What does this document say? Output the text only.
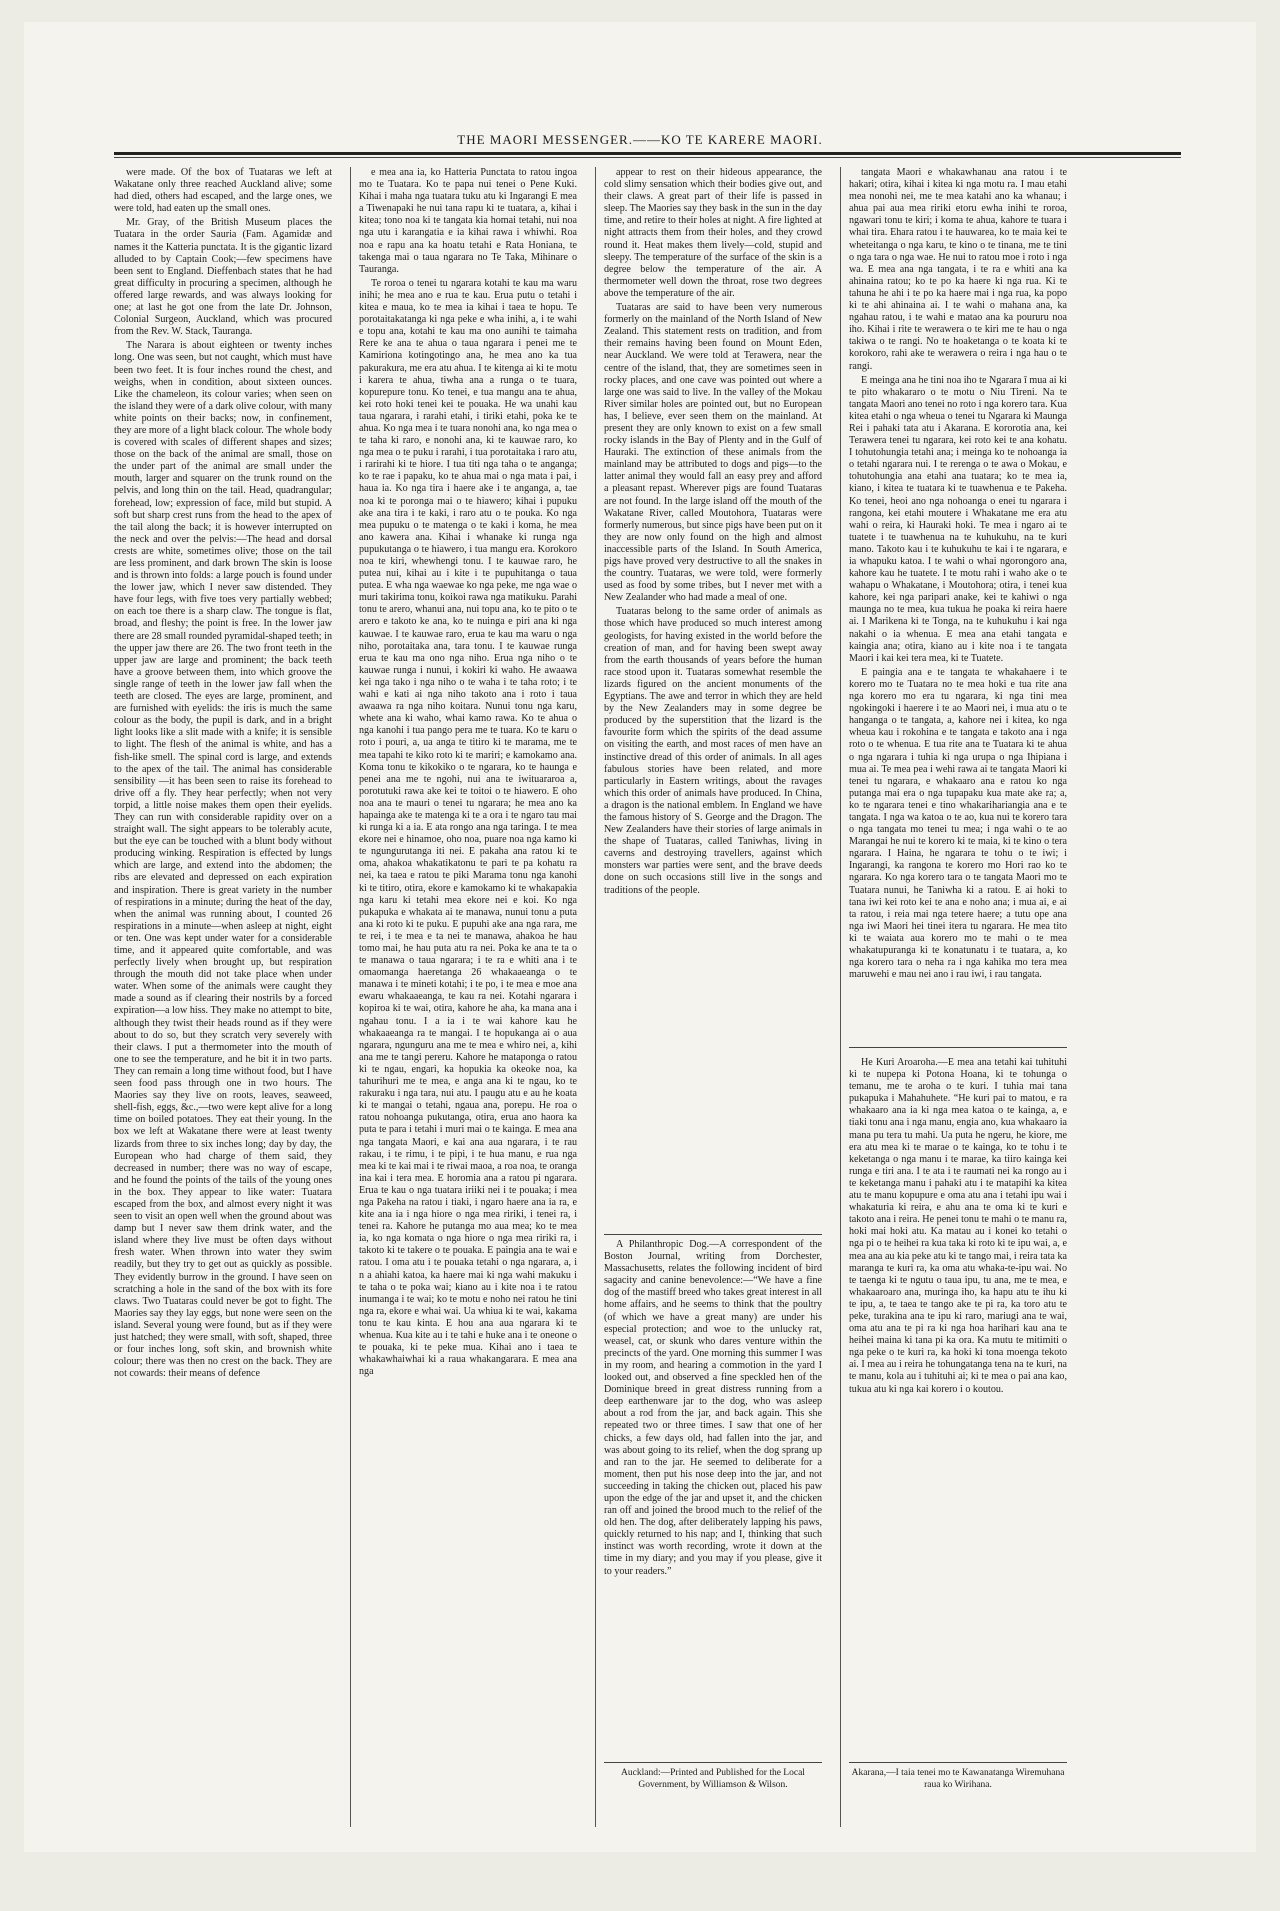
THE MAORI MESSENGER.——KO TE KARERE MAORI.

were made. Of the box of Tuataras we left at Wakatane only three reached Auckland alive; some had died, others had escaped, and the large ones, we were told, had eaten up the small ones.

Mr. Gray, of the British Museum places the Tuatara in the order Sauria (Fam. Agamidæ and names it the Katteria punctata. It is the gigantic lizard alluded to by Captain Cook;—few specimens have been sent to England. Dieffenbach states that he had great difficulty in procuring a specimen, although he offered large rewards, and was always looking for one; at last he got one from the late Dr. Johnson, Colonial Surgeon, Auckland, which was procured from the Rev. W. Stack, Tauranga.

The Narara is about eighteen or twenty inches long. One was seen, but not caught, which must have been two feet. It is four inches round the chest, and weighs, when in condition, about sixteen ounces. Like the chameleon, its colour varies; when seen on the island they were of a dark olive colour, with many white points on their backs; now, in confinement, they are more of a light black colour. The whole body is covered with scales of different shapes and sizes; those on the back of the animal are small, those on the under part of the animal are small under the mouth, larger and squarer on the trunk round on the pelvis, and long thin on the tail. Head, quadrangular; forehead, low; expression of face, mild but stupid. A soft but sharp crest runs from the head to the apex of the tail along the back; it is however interrupted on the neck and over the pelvis:—The head and dorsal crests are white, sometimes olive; those on the tail are less prominent, and dark brown The skin is loose and is thrown into folds: a large pouch is found under the lower jaw, which I never saw distended. They have four legs, with five toes very partially webbed; on each toe there is a sharp claw. The tongue is flat, broad, and fleshy; the point is free. In the lower jaw there are 28 small rounded pyramidal-shaped teeth; in the upper jaw there are 26. The two front teeth in the upper jaw are large and prominent; the back teeth have a groove between them, into which groove the single range of teeth in the lower jaw fall when the teeth are closed. The eyes are large, prominent, and are furnished with eyelids: the iris is much the same colour as the body, the pupil is dark, and in a bright light looks like a slit made with a knife; it is sensible to light. The flesh of the animal is white, and has a fish-like smell. The spinal cord is large, and extends to the apex of the tail. The animal has considerable sensibility —it has been seen to raise its forehead to drive off a fly. They hear perfectly; when not very torpid, a little noise makes them open their eyelids. They can run with considerable rapidity over on a straight wall. The sight appears to be tolerably acute, but the eye can be touched with a blunt body without producing winking. Respiration is effected by lungs which are large, and extend into the abdomen; the ribs are elevated and depressed on each expiration and inspiration. There is great variety in the number of respirations in a minute; during the heat of the day, when the animal was running about, I counted 26 respirations in a minute—when asleep at night, eight or ten. One was kept under water for a considerable time, and it appeared quite comfortable, and was perfectly lively when brought up, but respiration through the mouth did not take place when under water. When some of the animals were caught they made a sound as if clearing their nostrils by a forced expiration—a low hiss. They make no attempt to bite, although they twist their heads round as if they were about to do so, but they scratch very severely with their claws. I put a thermometer into the mouth of one to see the temperature, and he bit it in two parts. They can remain a long time without food, but I have seen food pass through one in two hours. The Maories say they live on roots, leaves, seaweed, shell-fish, eggs, &c.,—two were kept alive for a long time on boiled potatoes. They eat their young. In the box we left at Wakatane there were at least twenty lizards from three to six inches long; day by day, the European who had charge of them said, they decreased in number; there was no way of escape, and he found the points of the tails of the young ones in the box. They appear to like water: Tuatara escaped from the box, and almost every night it was seen to visit an open well when the ground about was damp but I never saw them drink water, and the island where they live must be often days without fresh water. When thrown into water they swim readily, but they try to get out as quickly as possible. They evidently burrow in the ground. I have seen on scratching a hole in the sand of the box with its fore claws. Two Tuataras could never be got to fight. The Maories say they lay eggs, but none were seen on the island. Several young were found, but as if they were just hatched; they were small, with soft, shaped, three or four inches long, soft skin, and brownish white colour; there was then no crest on the back. They are not cowards: their means of defence

e mea ana ia, ko Hatteria Punctata to ratou ingoa mo te Tuatara. Ko te papa nui tenei o Pene Kuki. Kihai i maha nga tuatara tuku atu ki Ingarangi E mea a Tiwenapaki he nui tana rapu ki te tuatara, a, kihai i kitea; tono noa ki te tangata kia homai tetahi, nui noa nga utu i karangatia e ia kihai rawa i whiwhi. Roa noa e rapu ana ka hoatu tetahi e Rata Honiana, te takenga mai o taua ngarara no Te Taka, Mihinare o Tauranga.

Te roroa o tenei tu ngarara kotahi te kau ma waru inihi; he mea ano e rua te kau. Erua putu o tetahi i kitea e maua, ko te mea ia kihai i taea te hopu. Te porotaitakatanga ki nga peke e wha inihi, a, i te wahi e topu ana, kotahi te kau ma ono aunihi te taimaha Rere ke ana te ahua o taua ngarara i penei me te Kamiriona kotingotingo ana, he mea ano ka tua pakurakura, me era atu ahua. I te kitenga ai ki te motu i karera te ahua, tiwha ana a runga o te tuara, kopurepure tonu. Ko tenei, e tua mangu ana te ahua, kei roto hoki tenei kei te pouaka. He wa unahi kau taua ngarara, i rarahi etahi, i tiriki etahi, poka ke te ahua. Ko nga mea i te tuara nonohi ana, ko nga mea o te taha ki raro, e nonohi ana, ki te kauwae raro, ko nga mea o te puku i rarahi, i tua porotaitaka i raro atu, i rarirahi ki te hiore. I tua titi nga taha o te anganga; ko te rae i papaku, ko te ahua mai o nga mata i pai, i haua ia. Ko nga tira i haere ake i te anganga, a, tae noa ki te poronga mai o te hiawero; kihai i pupuku ake ana tira i te kaki, i raro atu o te pouka. Ko nga mea pupuku o te matenga o te kaki i koma, he mea ano kawera ana. Kihai i whanake ki runga nga pupukutanga o te hiawero, i tua mangu era. Korokoro noa te kiri, whewhengi tonu. I te kauwae raro, he putea nui, kihai au i kite i te pupuhitanga o taua putea. E wha nga waewae ko nga peke, me nga wae o muri takirima tonu, koikoi rawa nga matikuku. Parahi tonu te arero, whanui ana, nui topu ana, ko te pito o te arero e takoto ke ana, ko te nuinga e piri ana ki nga kauwae. I te kauwae raro, erua te kau ma waru o nga niho, porotaitaka ana, tara tonu. I te kauwae runga erua te kau ma ono nga niho. Erua nga niho o te kauwae runga i nunui, i kokiri ki waho. He awaawa kei nga tako i nga niho o te waha i te taha roto; i te wahi e kati ai nga niho takoto ana i roto i taua awaawa ra nga niho koitara. Nunui tonu nga karu, whete ana ki waho, whai kamo rawa. Ko te ahua o nga kanohi i tua pango pera me te tuara. Ko te karu o roto i pouri, a, ua anga te titiro ki te marama, me te mea tapahi te kiko roto ki te mariri; e kamokamo ana. Koma tonu te kikokiko o te ngarara, ko te haunga e penei ana me te ngohi, nui ana te iwituararoa a, porotutuki rawa ake kei te toitoi o te hiawero. E oho noa ana te mauri o tenei tu ngarara; he mea ano ka hapainga ake te matenga ki te a ora i te ngaro tau mai ki runga ki a ia. E ata rongo ana nga taringa. I te mea ekore nei e hinamoe, oho noa, puare noa nga kamo ki te ngungurutanga iti nei. E pakaha ana ratou ki te oma, ahakoa whakatikatonu te pari te pa kohatu ra nei, ka taea e ratou te piki Marama tonu nga kanohi ki te titiro, otira, ekore e kamokamo ki te whakapakia nga karu ki tetahi mea ekore nei e koi. Ko nga pukapuka e whakata ai te manawa, nunui tonu a puta ana ki roto ki te puku. E pupuhi ake ana nga rara, me te rei, i te mea e ta nei te manawa, ahakoa he hau tomo mai, he hau puta atu ra nei. Poka ke ana te ta o te manawa o taua ngarara; i te ra e whiti ana i te omaomanga haeretanga 26 whakaaeanga o te manawa i te mineti kotahi; i te po, i te mea e moe ana ewaru whakaaeanga, te kau ra nei. Kotahi ngarara i kopiroa ki te wai, otira, kahore he aha, ka mana ana i ngahau tonu. I a ia i te wai kahore kau he whakaaeanga ra te mangai. I te hopukanga ai o aua ngarara, ngunguru ana me te mea e whiro nei, a, kihi ana me te tangi pereru. Kahore he mataponga o ratou ki te ngau, engari, ka hopukia ka okeoke noa, ka tahurihuri me te mea, e anga ana ki te ngau, ko te rakuraku i nga tara, nui atu. I paugu atu e au he koata ki te mangai o tetahi, ngaua ana, porepu. He roa o ratou nohoanga pukutanga, otira, erua ano haora ka puta te para i tetahi i muri mai o te kainga. E mea ana nga tangata Maori, e kai ana aua ngarara, i te rau rakau, i te rimu, i te pipi, i te hua manu, e rua nga mea ki te kai mai i te riwai maoa, a roa noa, te oranga ina kai i tera mea. E horomia ana a ratou pi ngarara. Erua te kau o nga tuatara iriiki nei i te pouaka; i mea nga Pakeha na ratou i tiaki, i ngaro haere ana ia ra, e kite ana ia i nga hiore o nga mea ririki, i tenei ra, i tenei ra. Kahore he putanga mo aua mea; ko te mea ia, ko nga komata o nga hiore o nga mea ririki ra, i takoto ki te takere o te pouaka. E paingia ana te wai e ratou. I oma atu i te pouaka tetahi o nga ngarara, a, i n a ahiahi katoa, ka haere mai ki nga wahi makuku i te taha o te poka wai; kiano au i kite noa i te ratou inumanga i te wai; ko te motu e noho nei ratou he tini nga ra, ekore e whai wai. Ua whiua ki te wai, kakama tonu te kau kinta. E hou ana aua ngarara ki te whenua. Kua kite au i te tahi e huke ana i te oneone o te pouaka, ki te peke mua. Kihai ano i taea te whakawhaiwhai ki a raua whakangarara. E mea ana nga

appear to rest on their hideous appearance, the cold slimy sensation which their bodies give out, and their claws. A great part of their life is passed in sleep. The Maories say they bask in the sun in the day time, and retire to their holes at night. A fire lighted at night attracts them from their holes, and they crowd round it. Heat makes them lively—cold, stupid and sleepy. The temperature of the surface of the skin is a degree below the temperature of the air. A thermometer well down the throat, rose two degrees above the temperature of the air.

Tuataras are said to have been very numerous formerly on the mainland of the North Island of New Zealand. This statement rests on tradition, and from their remains having been found on Mount Eden, near Auckland. We were told at Terawera, near the centre of the island, that, they are sometimes seen in rocky places, and one cave was pointed out where a large one was said to live. In the valley of the Mokau River similar holes are pointed out, but no European has, I believe, ever seen them on the mainland. At present they are only known to exist on a few small rocky islands in the Bay of Plenty and in the Gulf of Hauraki. The extinction of these animals from the mainland may be attributed to dogs and pigs—to the latter animal they would fall an easy prey and afford a pleasant repast. Wherever pigs are found Tuataras are not found. In the large island off the mouth of the Wakatane River, called Moutohora, Tuataras were formerly numerous, but since pigs have been put on it they are now only found on the high and almost inaccessible parts of the Island. In South America, pigs have proved very destructive to all the snakes in the country. Tuataras, we were told, were formerly used as food by some tribes, but I never met with a New Zealander who had made a meal of one.

Tuataras belong to the same order of animals as those which have produced so much interest among geologists, for having existed in the world before the creation of man, and for having been swept away from the earth thousands of years before the human race stood upon it. Tuataras somewhat resemble the lizards figured on the ancient monuments of the Egyptians. The awe and terror in which they are held by the New Zealanders may in some degree be produced by the superstition that the lizard is the favourite form which the spirits of the dead assume on visiting the earth, and most races of men have an instinctive dread of this order of animals. In all ages fabulous stories have been related, and more particularly in Eastern writings, about the ravages which this order of animals have produced. In China, a dragon is the national emblem. In England we have the famous history of S. George and the Dragon. The New Zealanders have their stories of large animals in the shape of Tuataras, called Taniwhas, living in caverns and destroying travellers, against which monsters war parties were sent, and the brave deeds done on such occasions still live in the songs and traditions of the people.

A Philanthropic Dog.—A correspondent of the Boston Journal, writing from Dorchester, Massachusetts, relates the following incident of bird sagacity and canine benevolence:—“We have a fine dog of the mastiff breed who takes great interest in all home affairs, and he seems to think that the poultry (of which we have a great many) are under his especial protection; and woe to the unlucky rat, weasel, cat, or skunk who dares venture within the precincts of the yard. One morning this summer I was in my room, and hearing a commotion in the yard I looked out, and observed a fine speckled hen of the Dominique breed in great distress running from a deep earthenware jar to the dog, who was asleep about a rod from the jar, and back again. This she repeated two or three times. I saw that one of her chicks, a few days old, had fallen into the jar, and was about going to its relief, when the dog sprang up and ran to the jar. He seemed to deliberate for a moment, then put his nose deep into the jar, and not succeeding in taking the chicken out, placed his paw upon the edge of the jar and upset it, and the chicken ran off and joined the brood much to the relief of the old hen. The dog, after deliberately lapping his paws, quickly returned to his nap; and I, thinking that such instinct was worth recording, wrote it down at the time in my diary; and you may if you please, give it to your readers.”

Auckland:—Printed and Published for the Local Government, by Williamson & Wilson.

tangata Maori e whakawhanau ana ratou i te hakari; otira, kihai i kitea ki nga motu ra. I mau etahi mea nonohi nei, me te mea katahi ano ka whanau; i ahua pai aua mea ririki etoru ewha inihi te roroa, ngawari tonu te kiri; i koma te ahua, kahore te tuara i whai tira. Ehara ratou i te hauwarea, ko te maia kei te wheteitanga o nga karu, te kino o te tinana, me te tini o nga tara o nga wae. He nui to ratou moe i roto i nga wa. E mea ana nga tangata, i te ra e whiti ana ka ahinaina ratou; ko te po ka haere ki nga rua. Ki te tahuna he ahi i te po ka haere mai i nga rua, ka popo ki te ahi ahinaina ai. I te wahi o mahana ana, ka ngahau ratou, i te wahi e matao ana ka poururu noa iho. Kihai i rite te werawera o te kiri me te hau o nga takiwa o te rangi. No te hoaketanga o te koata ki te korokoro, rahi ake te werawera o reira i nga hau o te rangi.

E meinga ana he tini noa iho te Ngarara ī mua ai ki te pito whakararo o te motu o Niu Tireni. Na te tangata Maori ano tenei no roto i nga korero tara. Kua kitea etahi o nga wheua o tenei tu Ngarara ki Maunga Rei i pahaki tata atu i Akarana. E kororotia ana, kei Terawera tenei tu ngarara, kei roto kei te ana kohatu. I tohutohungia tetahi ana; i meinga ko te nohoanga ia o tetahi ngarara nui. I te rerenga o te awa o Mokau, e tohutohungia ana etahi ana tuatara; ko te mea ia, kiano, i kitea te tuatara ki te tuawhenua e te Pakeha. Ko tenei, heoi ano nga nohoanga o enei tu ngarara i rangona, kei etahi moutere i Whakatane me era atu wahi o reira, ki Hauraki hoki. Te mea i ngaro ai te tuatete i te tuawhenua na te kuhukuhu, na te kuri mano. Takoto kau i te kuhukuhu te kai i te ngarara, e ia whapuku katoa. I te wahi o whai ngorongoro ana, kahore kau he tuatete. I te motu rahi i waho ake o te wahapu o Whakatane, i Moutohora; otira, i tenei kua kahore, kei nga paripari anake, kei te kahiwi o nga maunga no te mea, kua tukua he poaka ki reira haere ai. I Marikena ki te Tonga, na te kuhukuhu i kai nga nakahi o ia whenua. E mea ana etahi tangata e kaingia ana; otira, kiano au i kite noa i te tangata Maori i kai kei tera mea, ki te Tuatete.

E paingia ana e te tangata te whakahaere i te korero mo te Tuatara no te mea hoki e tua rite ana nga korero mo era tu ngarara, ki nga tini mea ngokingoki i haerere i te ao Maori nei, i mua atu o te hanganga o te tangata, a, kahore nei i kitea, ko nga wheua kau i rokohina e te tangata e takoto ana i nga roto o te whenua. E tua rite ana te Tuatara ki te ahua o nga ngarara i tuhia ki nga urupa o nga Ihipiana i mua ai. Te mea pea i wehi rawa ai te tangata Maori ki tenei tu ngarara, e whakaaro ana e ratou ko nga putanga mai era o nga tupapaku kua mate ake ra; a, ko te ngarara tenei e tino whakarihariangia ana e te tangata. I nga wa katoa o te ao, kua nui te korero tara o nga tangata mo tenei tu mea; i nga wahi o te ao Marangai he nui te korero ki te maia, ki te kino o tera ngarara. I Haina, he ngarara te tohu o te iwi; i Ingarangi, ka rangona te korero mo Hori rao ko te ngarara. Ko nga korero tara o te tangata Maori mo te Tuatara nunui, he Taniwha ki a ratou. E ai hoki to tana iwi kei roto kei te ana e noho ana; i mua ai, e ai ta ratou, i reia mai nga tetere haere; a tutu ope ana nga iwi Maori hei tinei itera tu ngarara. He mea tito ki te waiata aua korero mo te mahi o te mea whakatupuranga ki te konatunatu i te tuatara, a, ko nga korero tara o neha ra i nga kahika mo tera mea maruwehi e mau nei ano i rau iwi, i rau tangata.

He Kuri Aroaroha.—E mea ana tetahi kai tuhituhi ki te nupepa ki Potona Hoana, ki te tohunga o temanu, me te aroha o te kuri. I tuhia mai tana pukapuka i Mahahuhete. “He kuri pai to matou, e ra whakaaro ana ia ki nga mea katoa o te kainga, a, e tiaki tonu ana i nga manu, engia ano, kua whakaaro ia mana pu tera tu mahi. Ua puta he ngeru, he kiore, me era atu mea ki te marae o te kainga, ko te tohu i te keketanga o nga manu i te marae, ka tiiro kainga kei runga e tiri ana. I te ata i te raumati nei ka rongo au i te keketanga manu i pahaki atu i te matapihi ka kitea atu te manu kopupure e oma atu ana i tetahi ipu wai i whakaturia ki reira, e ahu ana te oma ki te kuri e takoto ana i reira. He penei tonu te mahi o te manu ra, hoki mai hoki atu. Ka matau au i konei ko tetahi o nga pi o te heihei ra kua taka ki roto ki te ipu wai, a, e mea ana au kia peke atu ki te tango mai, i reira tata ka maranga te kuri ra, ka oma atu whaka-te-ipu wai. No te taenga ki te ngutu o taua ipu, tu ana, me te mea, e whakaaroaro ana, muringa iho, ka hapu atu te ihu ki te ipu, a, te taea te tango ake te pi ra, ka toro atu te peke, turakina ana te ipu ki raro, mariugi ana te wai, oma atu ana te pi ra ki nga hoa harihari kau ana te heihei maina ki tana pi ka ora. Ka mutu te mitimiti o nga peke o te kuri ra, ka hoki ki tona moenga tekoto ai. I mea au i reira he tohungatanga tena na te kuri, na te manu, kola au i tuhituhi ai; ki te mea o pai ana kao, tukua atu ki nga kai korero i o koutou.

Akarana,—I taia tenei mo te Kawanatanga Wiremuhana raua ko Wirihana.
